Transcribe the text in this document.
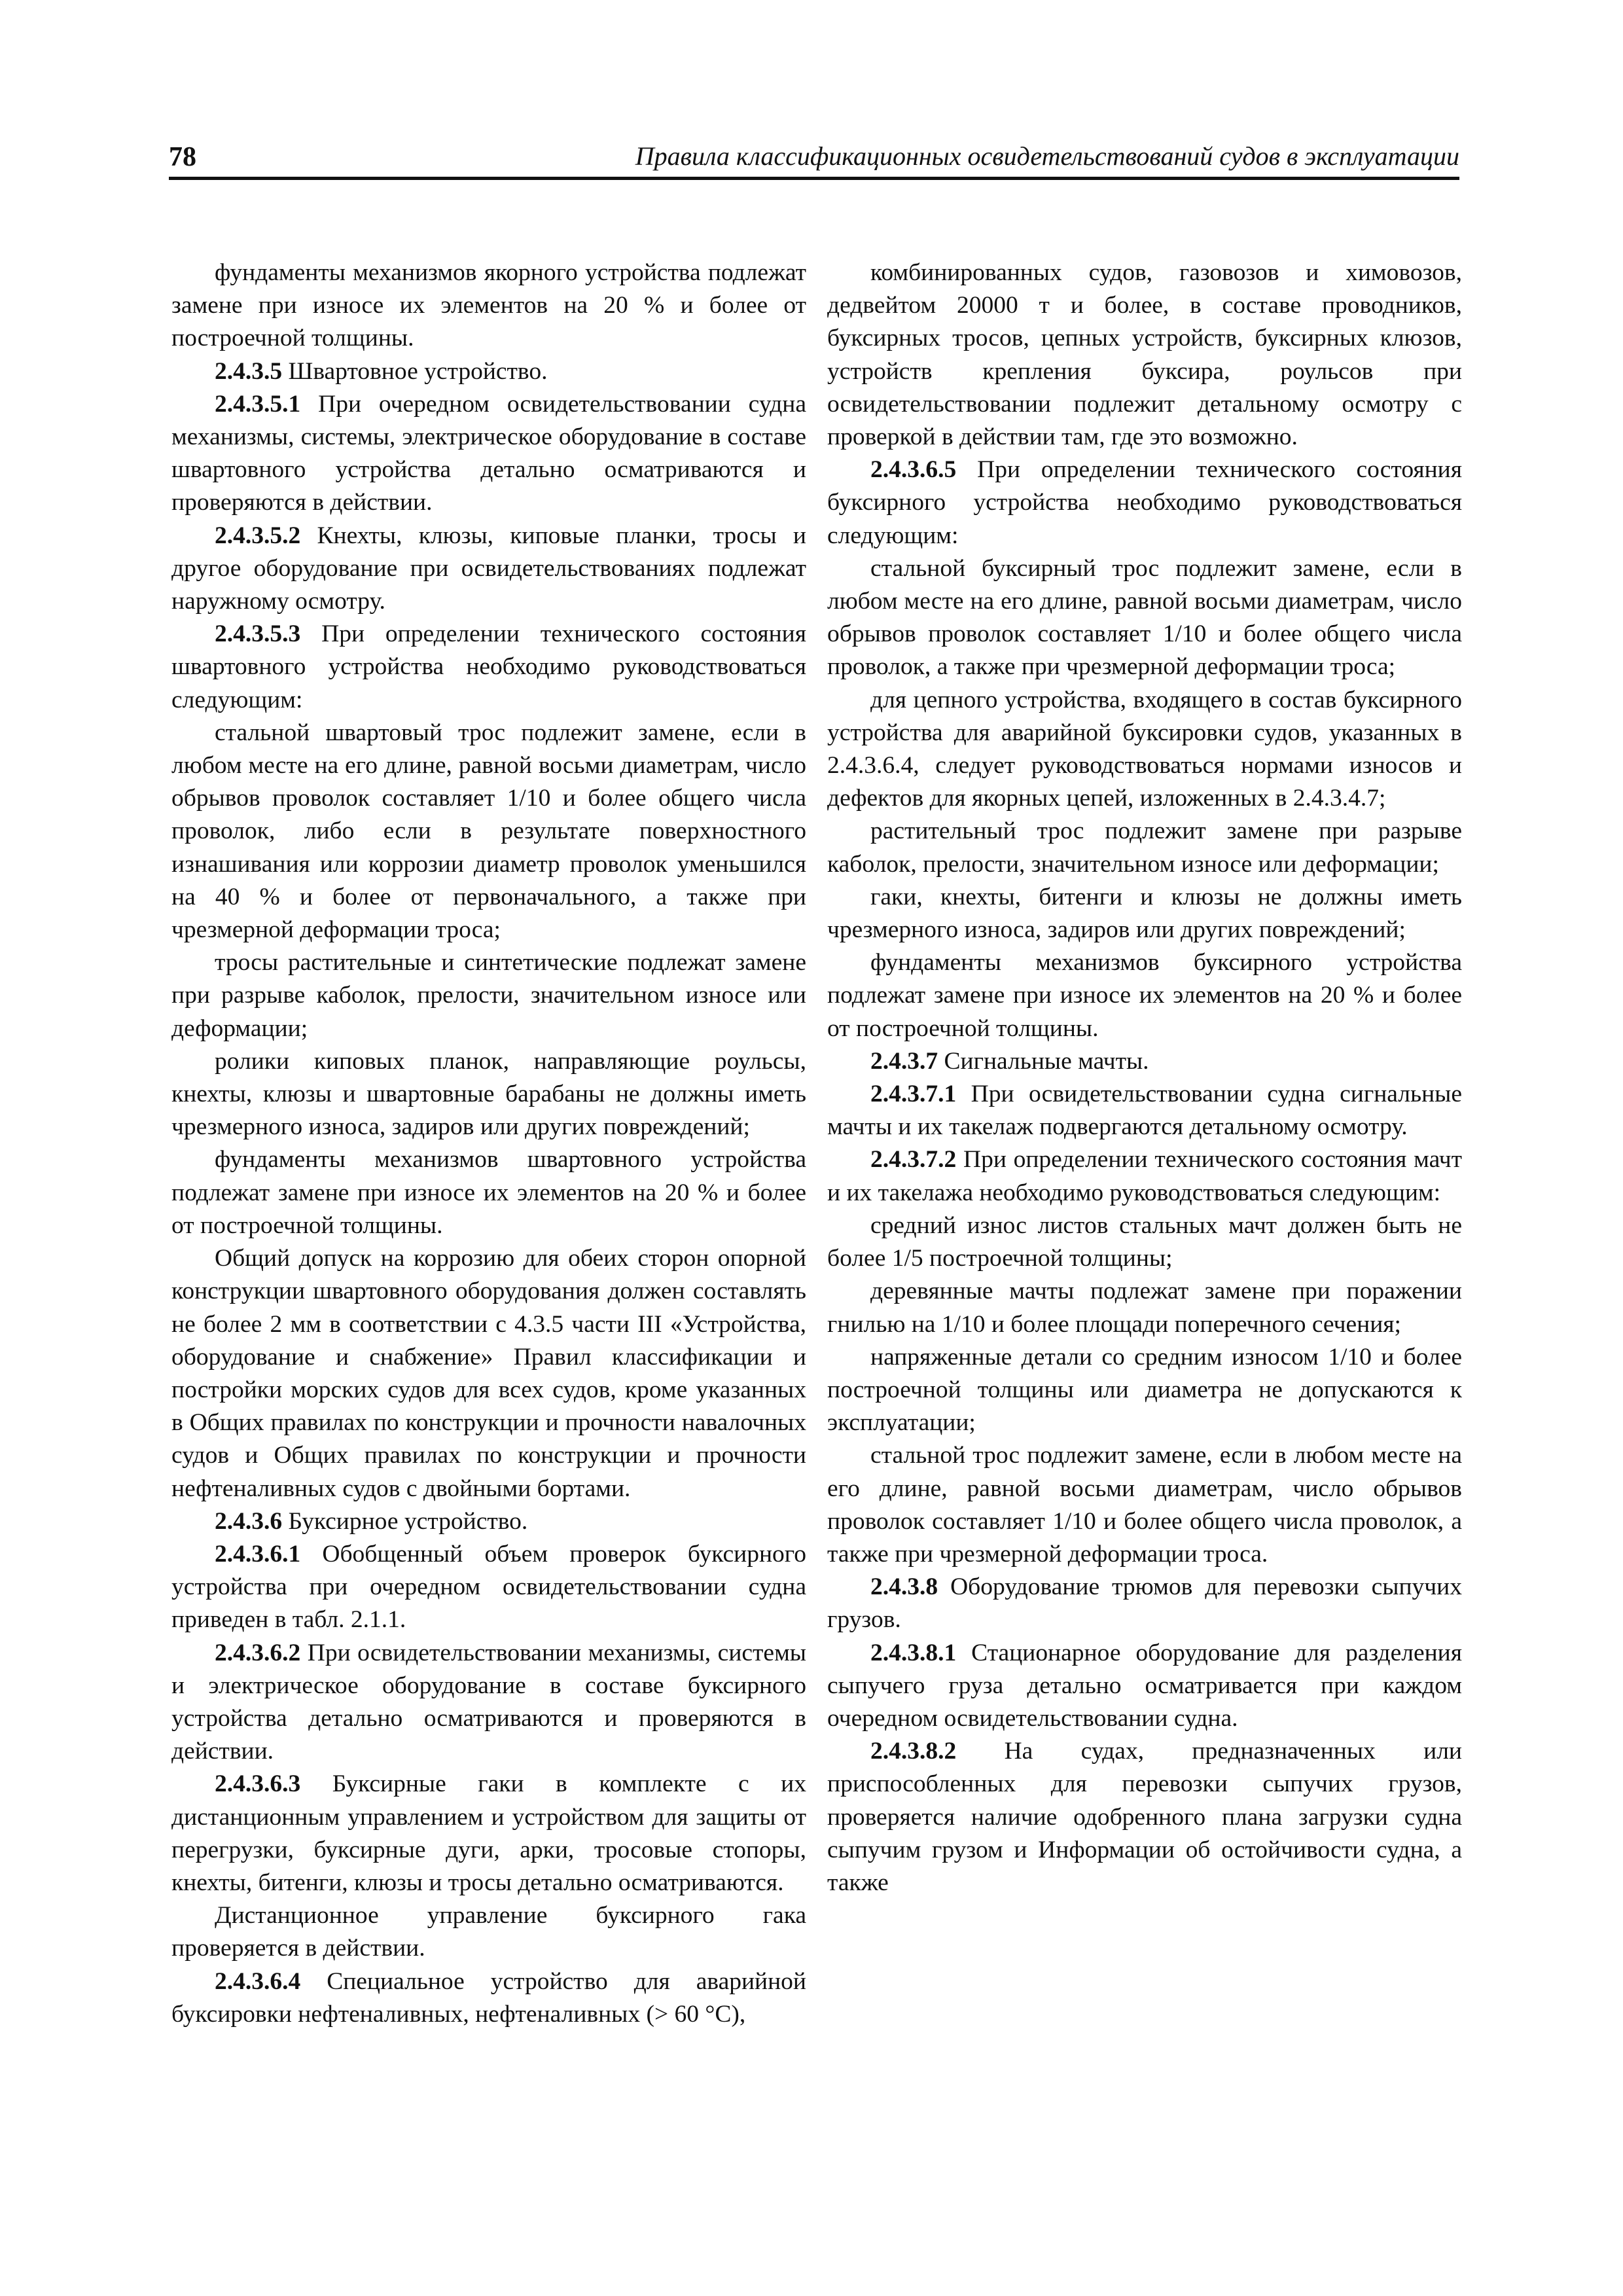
78	Правила классификационных освидетельствований судов в эксплуатации

фундаменты механизмов якорного устройства подлежат замене при износе их элементов на 20 % и более от построечной толщины.

2.4.3.5 Швартовное устройство.

2.4.3.5.1 При очередном освидетельствовании судна механизмы, системы, электрическое оборудование в составе швартовного устройства детально осматриваются и проверяются в действии.

2.4.3.5.2 Кнехты, клюзы, киповые планки, тросы и другое оборудование при освидетельствованиях подлежат наружному осмотру.

2.4.3.5.3 При определении технического состояния швартовного устройства необходимо руководствоваться следующим:

стальной швартовый трос подлежит замене, если в любом месте на его длине, равной восьми диаметрам, число обрывов проволок составляет 1/10 и более общего числа проволок, либо если в результате поверхностного изнашивания или коррозии диаметр проволок уменьшился на 40 % и более от первоначального, а также при чрезмерной деформации троса;

тросы растительные и синтетические подлежат замене при разрыве каболок, прелости, значительном износе или деформации;

ролики киповых планок, направляющие роульсы, кнехты, клюзы и швартовные барабаны не должны иметь чрезмерного износа, задиров или других повреждений;

фундаменты механизмов швартовного устройства подлежат замене при износе их элементов на 20 % и более от построечной толщины.

Общий допуск на коррозию для обеих сторон опорной конструкции швартовного оборудования должен составлять не более 2 мм в соответствии с 4.3.5 части III «Устройства, оборудование и снабжение» Правил классификации и постройки морских судов для всех судов, кроме указанных в Общих правилах по конструкции и прочности навалочных судов и Общих правилах по конструкции и прочности нефтеналивных судов с двойными бортами.

2.4.3.6 Буксирное устройство.

2.4.3.6.1 Обобщенный объем проверок буксирного устройства при очередном освидетельствовании судна приведен в табл. 2.1.1.

2.4.3.6.2 При освидетельствовании механизмы, системы и электрическое оборудование в составе буксирного устройства детально осматриваются и проверяются в действии.

2.4.3.6.3 Буксирные гаки в комплекте с их дистанционным управлением и устройством для защиты от перегрузки, буксирные дуги, арки, тросовые стопоры, кнехты, битенги, клюзы и тросы детально осматриваются.

Дистанционное управление буксирного гака проверяется в действии.

2.4.3.6.4 Специальное устройство для аварийной буксировки нефтеналивных, нефтеналивных (> 60 °С),

комбинированных судов, газовозов и химовозов, дедвейтом 20000 т и более, в составе проводников, буксирных тросов, цепных устройств, буксирных клюзов, устройств крепления буксира, роульсов при освидетельствовании подлежит детальному осмотру с проверкой в действии там, где это возможно.

2.4.3.6.5 При определении технического состояния буксирного устройства необходимо руководствоваться следующим:

стальной буксирный трос подлежит замене, если в любом месте на его длине, равной восьми диаметрам, число обрывов проволок составляет 1/10 и более общего числа проволок, а также при чрезмерной деформации троса;

для цепного устройства, входящего в состав буксирного устройства для аварийной буксировки судов, указанных в 2.4.3.6.4, следует руководствоваться нормами износов и дефектов для якорных цепей, изложенных в 2.4.3.4.7;

растительный трос подлежит замене при разрыве каболок, прелости, значительном износе или деформации;

гаки, кнехты, битенги и клюзы не должны иметь чрезмерного износа, задиров или других повреждений;

фундаменты механизмов буксирного устройства подлежат замене при износе их элементов на 20 % и более от построечной толщины.

2.4.3.7 Сигнальные мачты.

2.4.3.7.1 При освидетельствовании судна сигнальные мачты и их такелаж подвергаются детальному осмотру.

2.4.3.7.2 При определении технического состояния мачт и их такелажа необходимо руководствоваться следующим:

средний износ листов стальных мачт должен быть не более 1/5 построечной толщины;

деревянные мачты подлежат замене при поражении гнилью на 1/10 и более площади поперечного сечения;

напряженные детали со средним износом 1/10 и более построечной толщины или диаметра не допускаются к эксплуатации;

стальной трос подлежит замене, если в любом месте на его длине, равной восьми диаметрам, число обрывов проволок составляет 1/10 и более общего числа проволок, а также при чрезмерной деформации троса.

2.4.3.8 Оборудование трюмов для перевозки сыпучих грузов.

2.4.3.8.1 Стационарное оборудование для разделения сыпучего груза детально осматривается при каждом очередном освидетельствовании судна.

2.4.3.8.2 На судах, предназначенных или приспособленных для перевозки сыпучих грузов, проверяется наличие одобренного плана загрузки судна сыпучим грузом и Информации об остойчивости судна, а также
